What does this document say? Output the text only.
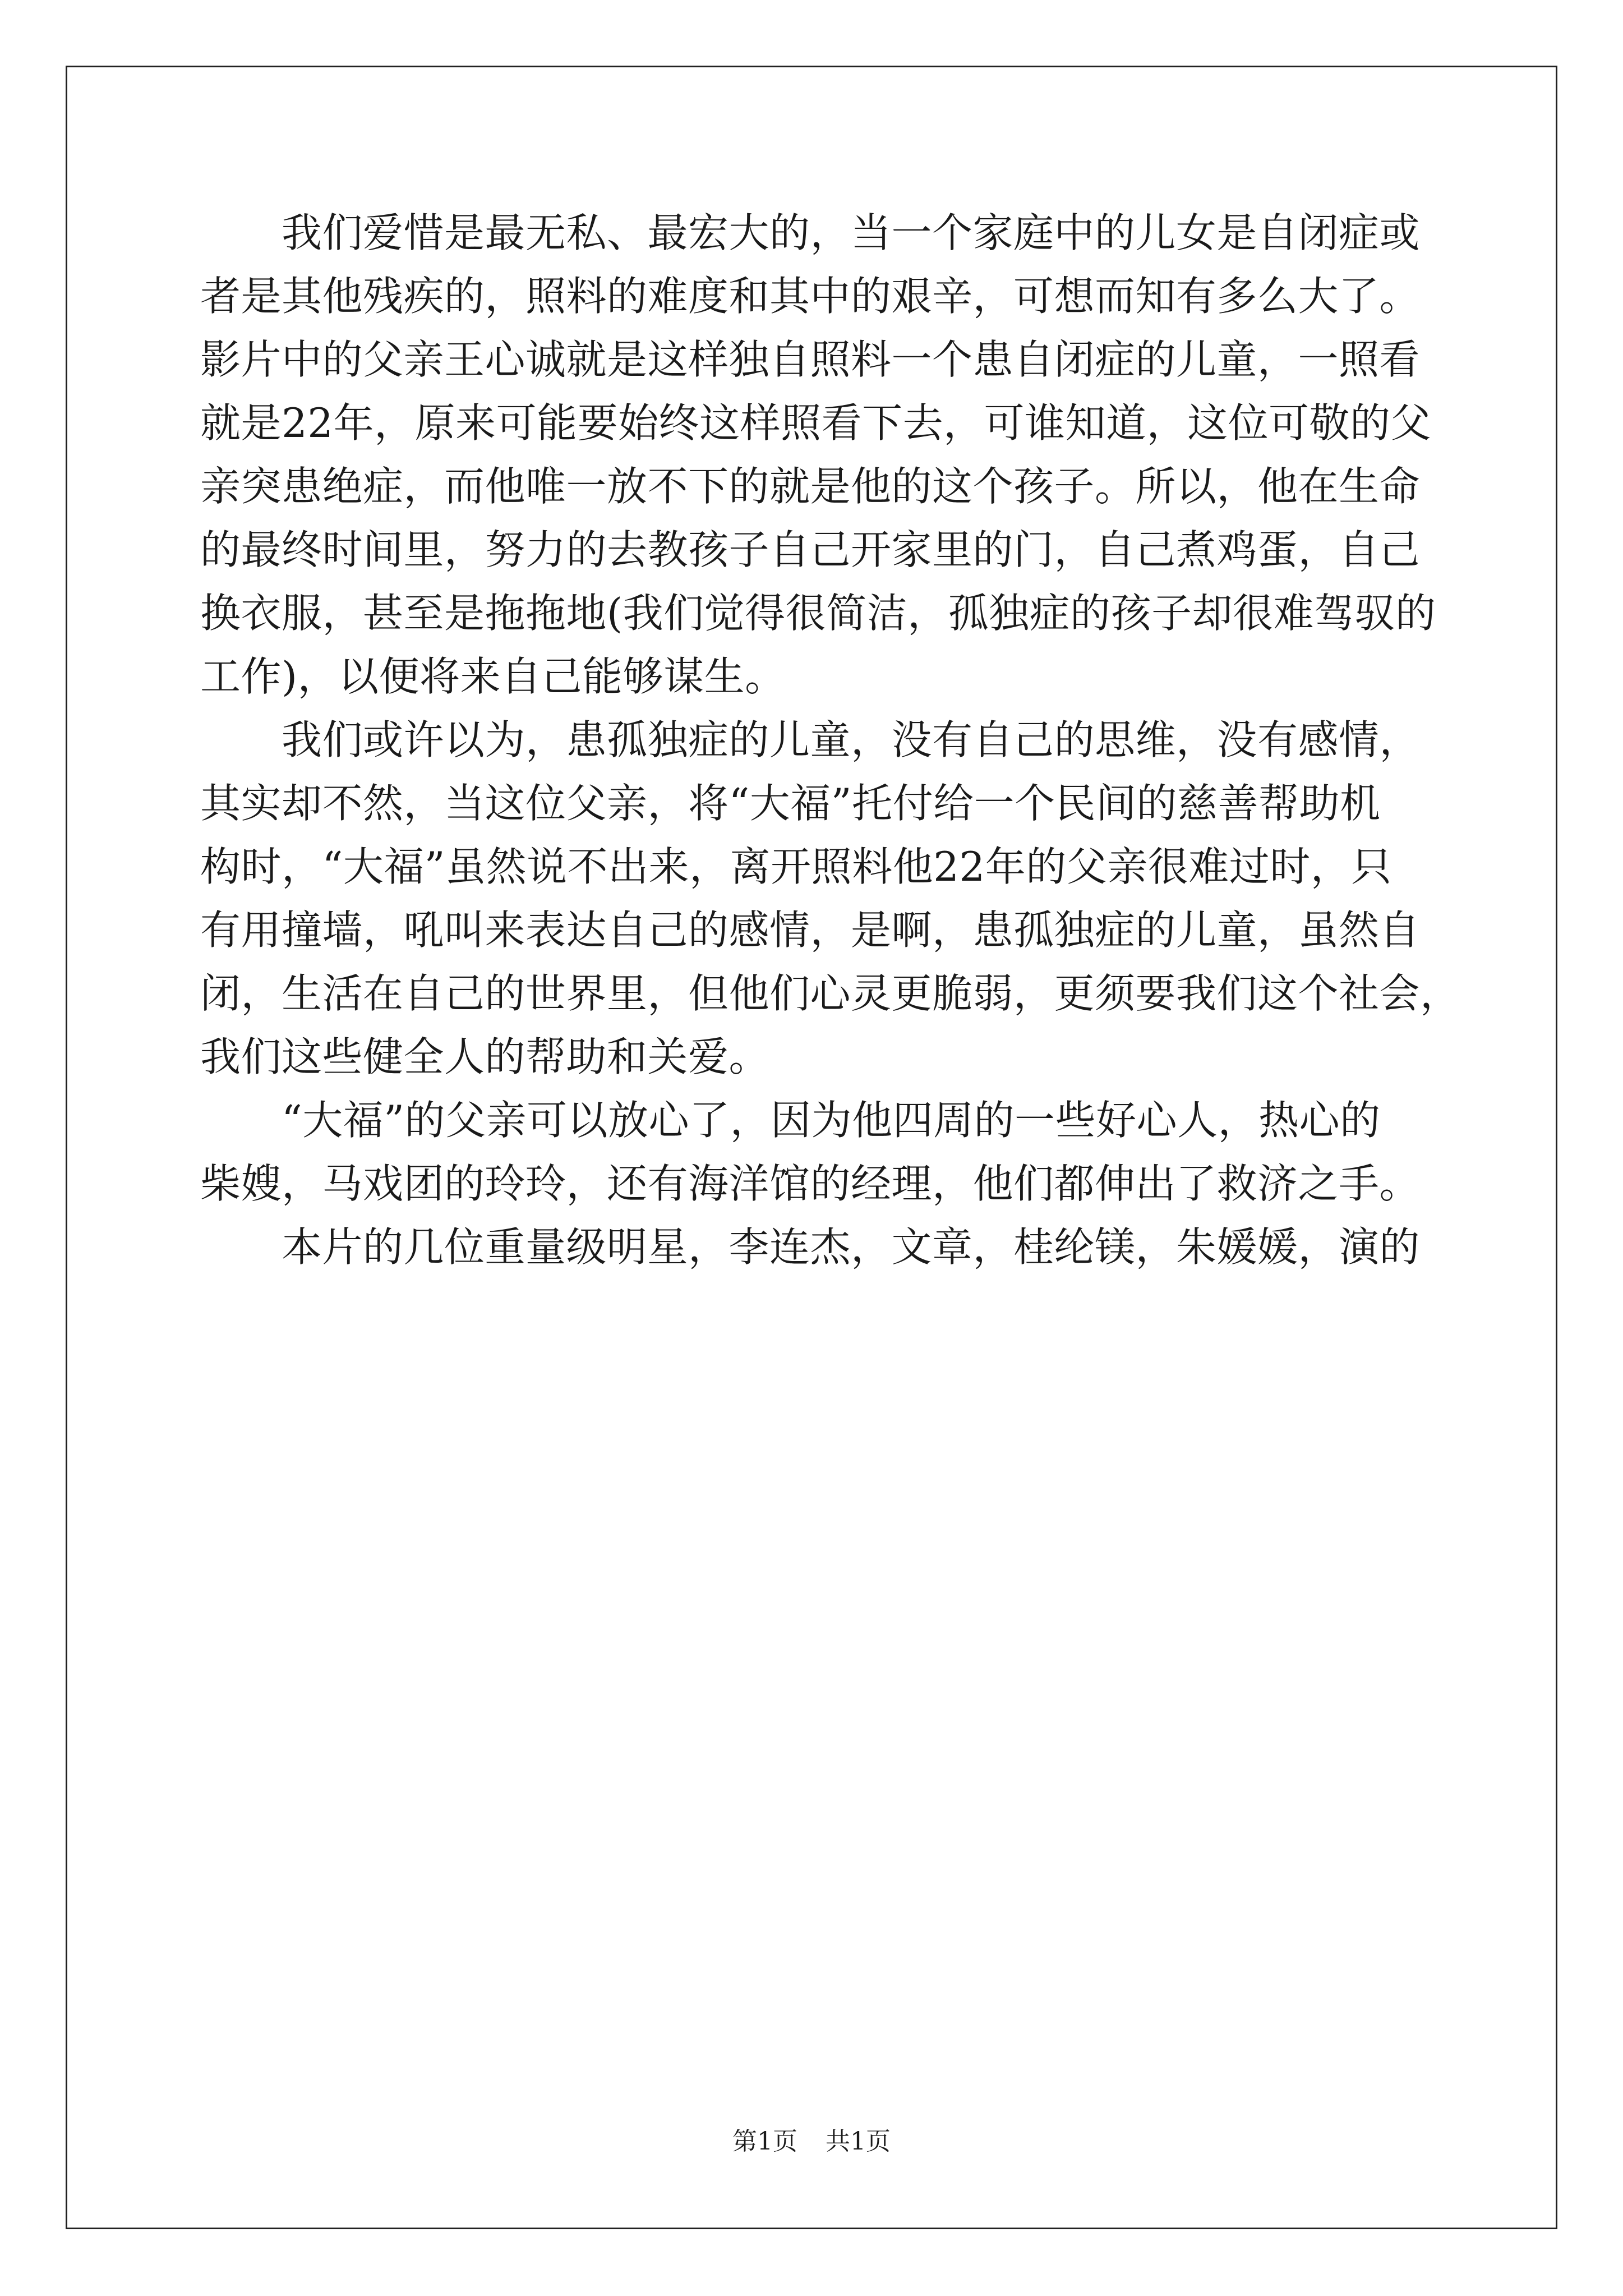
　　我们爱惜是最无私、最宏大的，当一个家庭中的儿女是自闭症或
者是其他残疾的，照料的难度和其中的艰辛，可想而知有多么大了。
影片中的父亲王心诚就是这样独自照料一个患自闭症的儿童，一照看
就是22年，原来可能要始终这样照看下去，可谁知道，这位可敬的父
亲突患绝症，而他唯一放不下的就是他的这个孩子。所以，他在生命
的最终时间里，努力的去教孩子自己开家里的门，自己煮鸡蛋，自己
换衣服，甚至是拖拖地(我们觉得很简洁，孤独症的孩子却很难驾驭的
工作)，以便将来自己能够谋生。
　　我们或许以为，患孤独症的儿童，没有自己的思维，没有感情，
其实却不然，当这位父亲，将“大福”托付给一个民间的慈善帮助机
构时，“大福”虽然说不出来，离开照料他22年的父亲很难过时，只
有用撞墙，吼叫来表达自己的感情，是啊，患孤独症的儿童，虽然自
闭，生活在自己的世界里，但他们心灵更脆弱，更须要我们这个社会，
我们这些健全人的帮助和关爱。
　　“大福”的父亲可以放心了，因为他四周的一些好心人，热心的
柴嫂，马戏团的玲玲，还有海洋馆的经理，他们都伸出了救济之手。
　　本片的几位重量级明星，李连杰，文章，桂纶镁，朱媛媛，演的
第1页 共1页
